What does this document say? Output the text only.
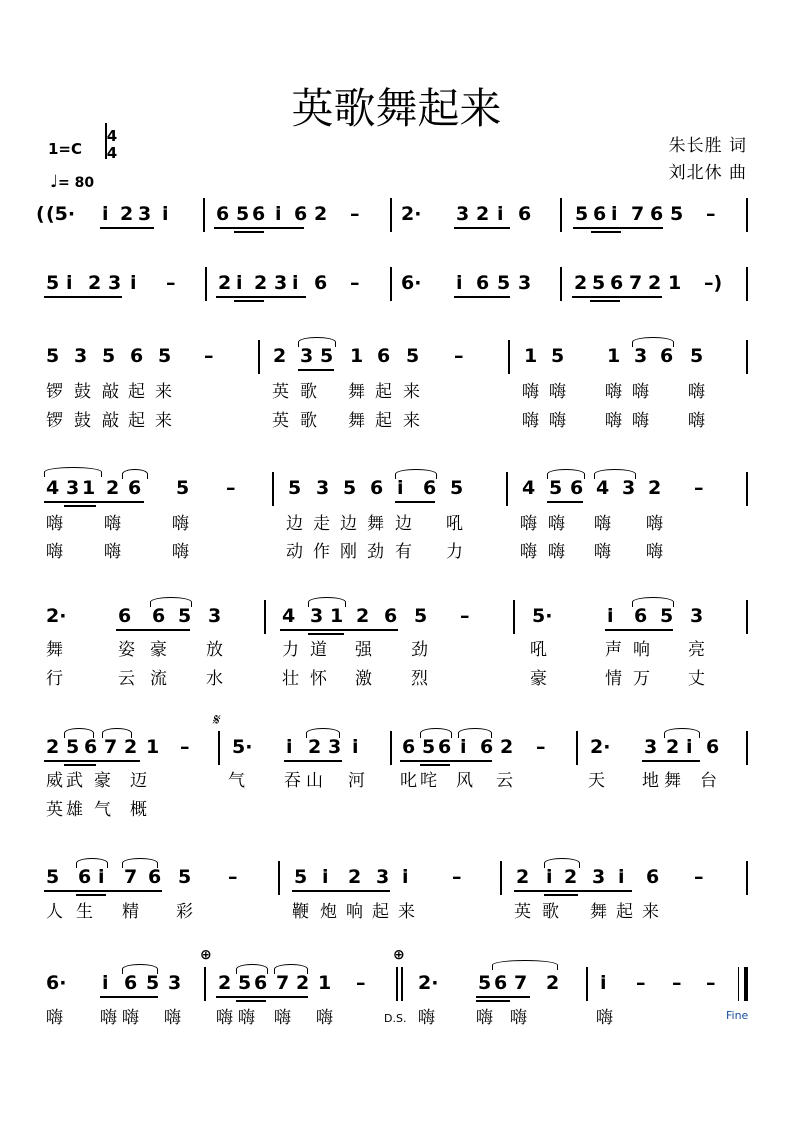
英歌舞起来
1=C
4
4
♩= 80
朱长胜 词
刘北休 曲
( (5· i 2 3 i 6 5 6 i 6 2 – 2· 3 2 i 6 5 6 i 7 6 5 –
5 i 2 3 i – 2 i 2 3 i 6 – 6· i 6 5 3 2 5 6 7 2 1 –)
5 3 5 6 5 –	2 3 5 1 6 5 –	1 5 1 3 6 5
锣 鼓 敲 起 来	英 歌 舞 起 来	嗨 嗨 嗨 嗨 嗨
锣 鼓 敲 起 来	英 歌 舞 起 来	嗨 嗨 嗨 嗨 嗨
4 3 1 2 6 5 –	5 3 5 6 i 6 5	4 5 6 4 3 2 –
嗨 嗨	嗨	边 走 边 舞 边 吼	嗨 嗨 嗨 嗨
嗨 嗨	嗨	动 作 刚 劲 有 力	嗨 嗨 嗨 嗨
2·	6 6 5 3	4 3 1 2 6 5 –	5·	i 6 5 3
舞	姿 豪 放	力 道 强 劲	吼	声 响 亮
行	云 流 水	壮 怀 激 烈	豪	情 万 丈
𝄋
2 5 6 7 2 1 – 5· i 2 3 i 6 5 6 i 6 2 – 2· 3 2 i 6
威 武 豪 迈	气 吞 山 河 叱 咤 风 云	天 地 舞 台
英 雄 气 概
5 6 i 7 6 5 –	5 i 2 3 i –	2 i 2 3 i 6 –
人 生 精 彩	鞭 炮 响 起 来	英 歌 舞 起 来
⊕	⊕
6· i 6 5 3 2 5 6 7 2 1 –	2· 5 6 7 2 i – – –
嗨 嗨 嗨 嗨 嗨 嗨 嗨 嗨	D.S. 嗨 嗨 嗨	嗨	Fine
